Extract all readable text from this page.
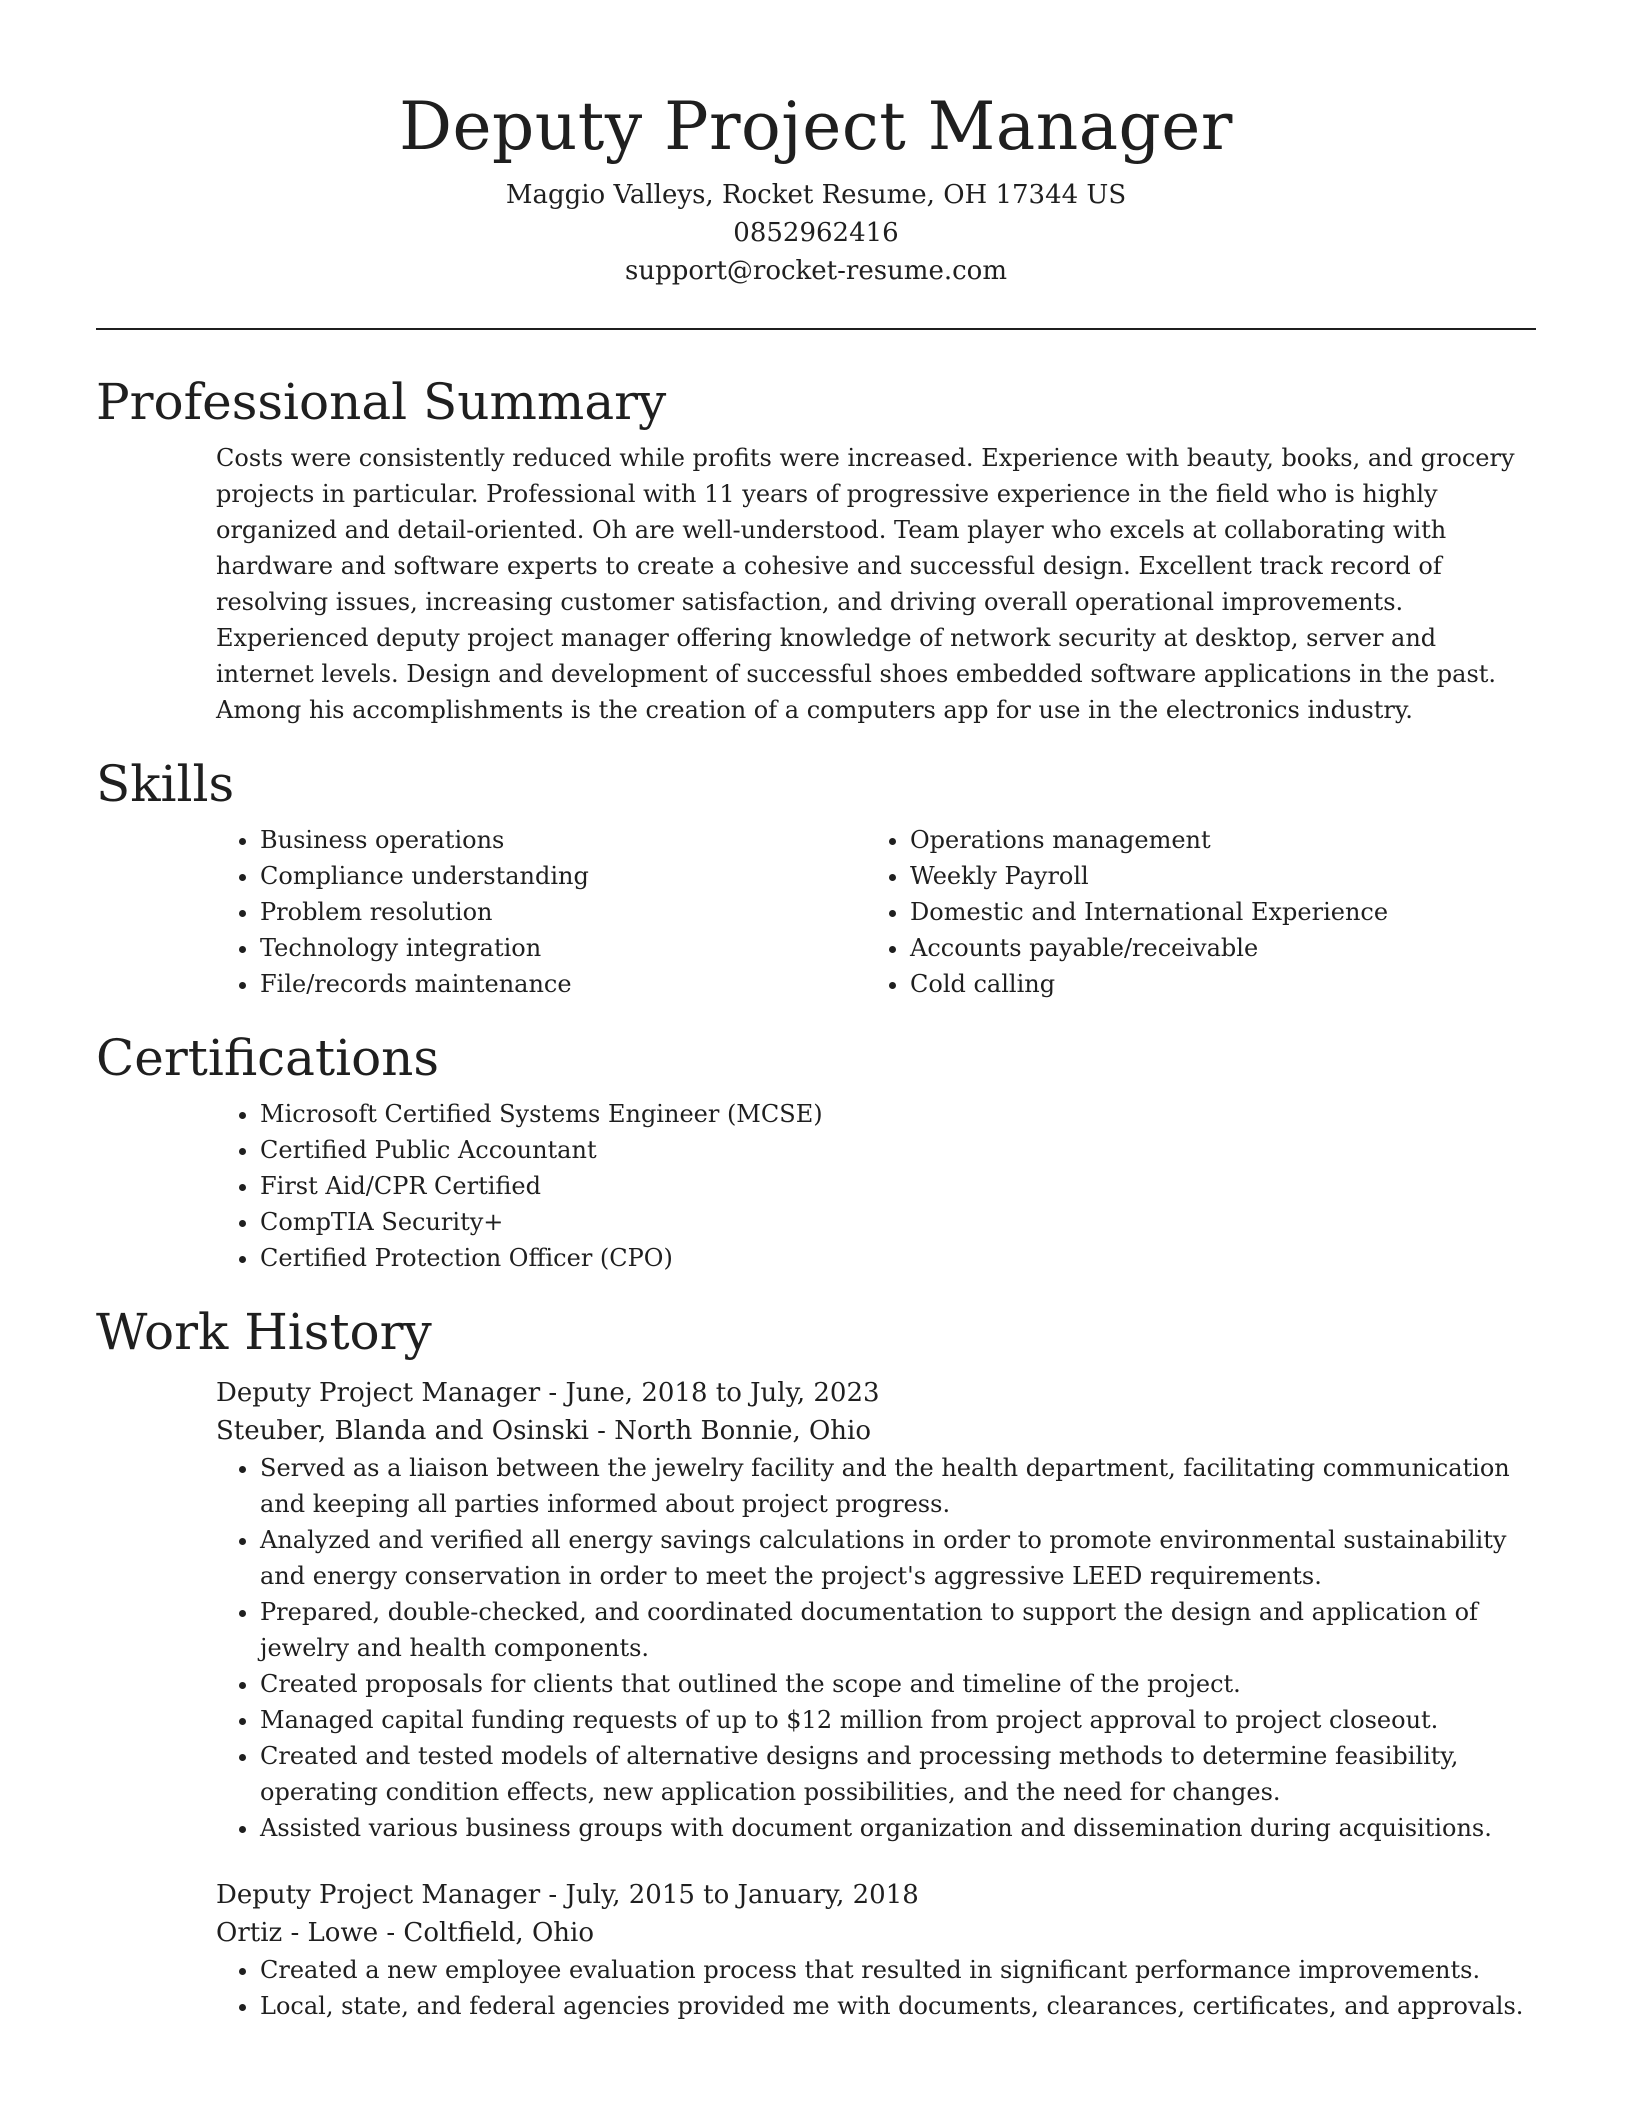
Deputy Project Manager
Maggio Valleys, Rocket Resume, OH 17344 US
0852962416
support@rocket-resume.com
Professional Summary

Costs were consistently reduced while profits were increased. Experience with beauty, books, and grocery projects in particular. Professional with 11 years of progressive experience in the field who is highly organized and detail-oriented. Oh are well-understood. Team player who excels at collaborating with hardware and software experts to create a cohesive and successful design. Excellent track record of resolving issues, increasing customer satisfaction, and driving overall operational improvements. Experienced deputy project manager offering knowledge of network security at desktop, server and internet levels. Design and development of successful shoes embedded software applications in the past. Among his accomplishments is the creation of a computers app for use in the electronics industry.

Skills
• Business operations
• Compliance understanding
• Problem resolution
• Technology integration
• File/records maintenance
• Operations management
• Weekly Payroll
• Domestic and International Experience
• Accounts payable/receivable
• Cold calling
Certifications
• Microsoft Certified Systems Engineer (MCSE)
• Certified Public Accountant
• First Aid/CPR Certified
• CompTIA Security+
• Certified Protection Officer (CPO)
Work History
Deputy Project Manager - June, 2018 to July, 2023
Steuber, Blanda and Osinski - North Bonnie, Ohio
• Served as a liaison between the jewelry facility and the health department, facilitating communication and keeping all parties informed about project progress.
• Analyzed and verified all energy savings calculations in order to promote environmental sustainability and energy conservation in order to meet the project's aggressive LEED requirements.
• Prepared, double-checked, and coordinated documentation to support the design and application of jewelry and health components.
• Created proposals for clients that outlined the scope and timeline of the project.
• Managed capital funding requests of up to $12 million from project approval to project closeout.
• Created and tested models of alternative designs and processing methods to determine feasibility, operating condition effects, new application possibilities, and the need for changes.
• Assisted various business groups with document organization and dissemination during acquisitions.
Deputy Project Manager - July, 2015 to January, 2018
Ortiz - Lowe - Coltfield, Ohio
• Created a new employee evaluation process that resulted in significant performance improvements.
• Local, state, and federal agencies provided me with documents, clearances, certificates, and approvals.
